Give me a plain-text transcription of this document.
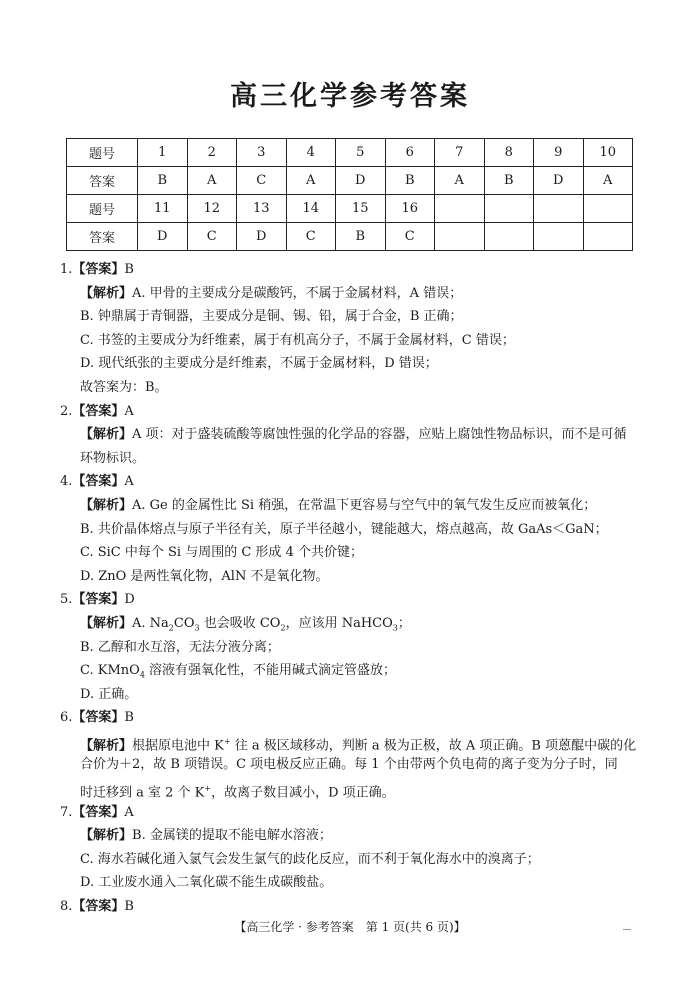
高三化学参考答案
题号	1	2	3	4	5	6	7	8	9	10
答案	B	A	C	A	D	B	A	B	D	A
题号	11	12	13	14	15	16				
答案	D	C	D	C	B	C				
1.【答案】B
【解析】A. 甲骨的主要成分是碳酸钙，不属于金属材料，A 错误；
B. 钟鼎属于青铜器，主要成分是铜、锡、铅，属于合金，B 正确；
C. 书签的主要成分为纤维素，属于有机高分子，不属于金属材料，C 错误；
D. 现代纸张的主要成分是纤维素，不属于金属材料，D 错误；
故答案为：B。
2.【答案】A
【解析】A 项：对于盛装硫酸等腐蚀性强的化学品的容器，应贴上腐蚀性物品标识，而不是可循
环物标识。
4.【答案】A
【解析】A. Ge 的金属性比 Si 稍强，在常温下更容易与空气中的氧气发生反应而被氧化；
B. 共价晶体熔点与原子半径有关，原子半径越小，键能越大，熔点越高，故 GaAs＜GaN；
C. SiC 中每个 Si 与周围的 C 形成 4 个共价键；
D. ZnO 是两性氧化物，AlN 不是氧化物。
5.【答案】D
【解析】A. $Na_2CO_3$ 也会吸收 $CO_2$，应该用 NaHCO$_3$；
B. 乙醇和水互溶，无法分液分离；
C. KMnO$_4$ 溶液有强氧化性，不能用碱式滴定管盛放；
D. 正确。
6.【答案】B
【解析】根据原电池中 K+ 往 a 极区域移动，判断 a 极为正极，故 A 项正确。B 项蒽醌中碳的化
合价为＋2，故 B 项错误。C 项电极反应正确。每 1 个由带两个负电荷的离子变为分子时，同
时迁移到 a 室 2 个 K+，故离子数目减小，D 项正确。
7.【答案】A
【解析】B. 金属镁的提取不能电解水溶液；
C. 海水若碱化通入氯气会发生氯气的歧化反应，而不利于氧化海水中的溴离子；
D. 工业废水通入二氧化碳不能生成碳酸盐。
8.【答案】B
【高三化学 · 参考答案　第 1 页(共 6 页)】
